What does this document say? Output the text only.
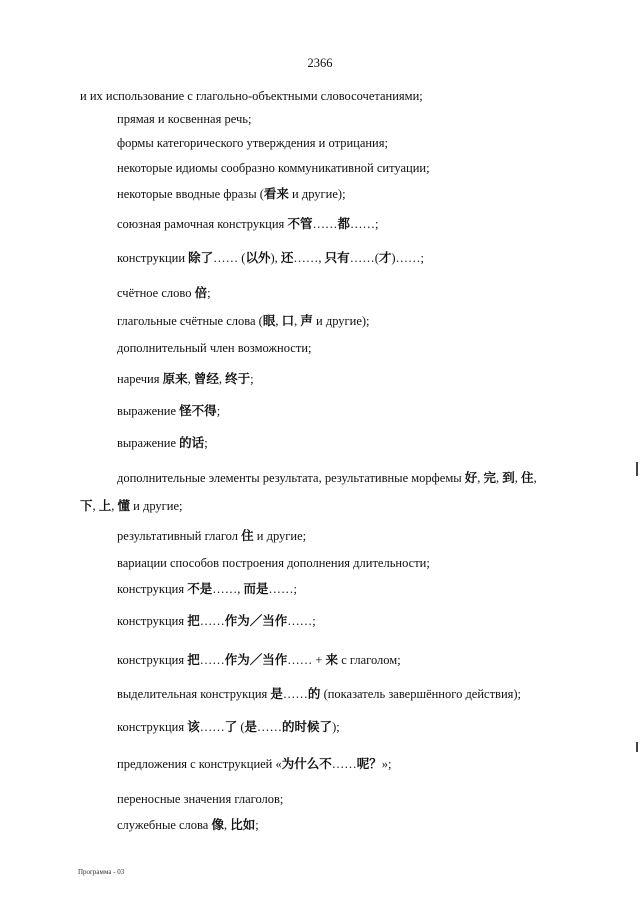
2366
и их использование с глагольно-объектными словосочетаниями;
прямая и косвенная речь;
формы категорического утверждения и отрицания;
некоторые идиомы сообразно коммуникативной ситуации;
некоторые вводные фразы (看来 и другие);
союзная рамочная конструкция 不管……都……;
конструкции 除了…… (以外), 还……, 只有……(才)……;
счётное слово 倍;
глагольные счётные слова (眼, 口, 声 и другие);
дополнительный член возможности;
наречия 原来, 曾经, 终于;
выражение 怪不得;
выражение 的话;
дополнительные элементы результата, результативные морфемы 好, 完, 到, 住,
下, 上, 懂 и другие;
результативный глагол 住 и другие;
вариации способов построения дополнения длительности;
конструкция 不是……, 而是……;
конструкция 把……作为／当作……;
конструкция 把……作为／当作…… + 来 с глаголом;
выделительная конструкция 是……的 (показатель завершённого действия);
конструкция 该……了 (是……的时候了);
предложения с конструкцией «为什么不……呢？»;
переносные значения глаголов;
служебные слова 像, 比如;
Программа - 03
